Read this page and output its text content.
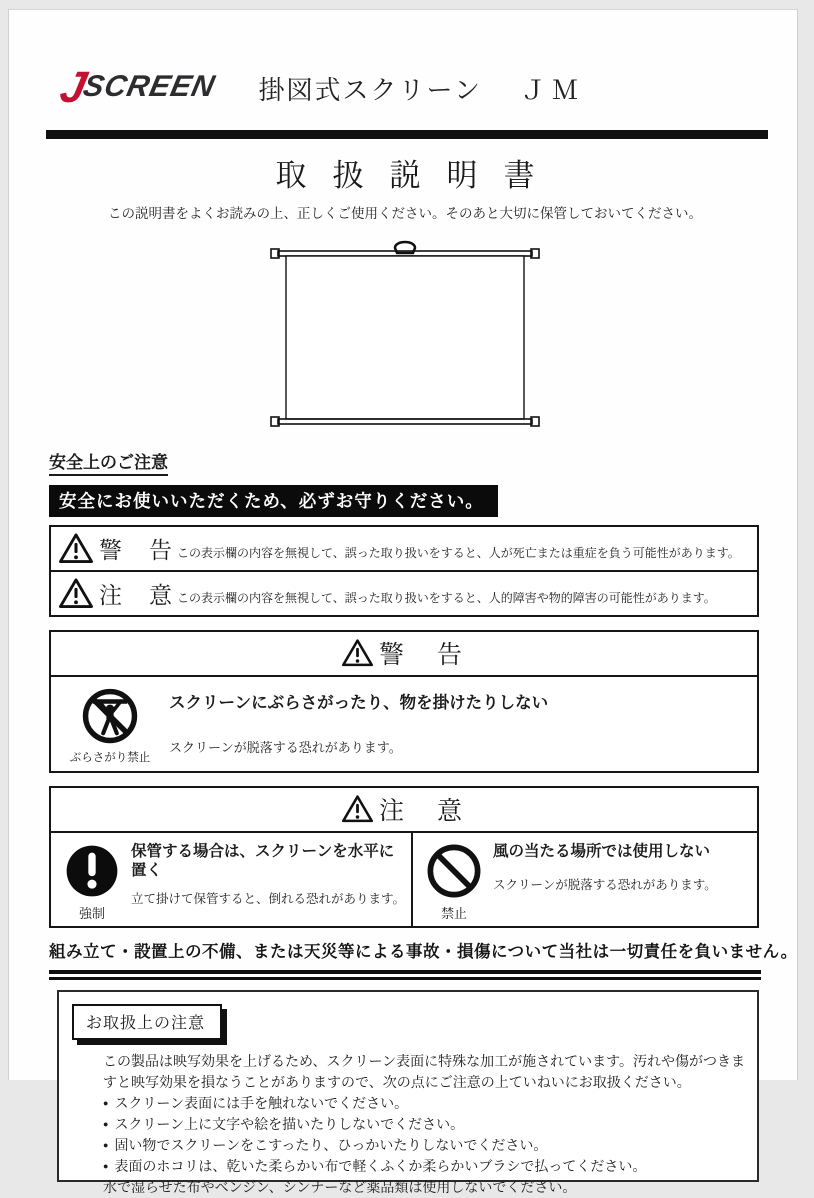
J
SCREEN 掛図式スクリーン ＪＭ
取扱説明書
この説明書をよくお読みの上、正しくご使用ください。そのあと大切に保管しておいてください。
安全上のご注意
安全にお使いいただくため、必ずお守りください。
警　告 この表示欄の内容を無視して、誤った取り扱いをすると、人が死亡または重症を負う可能性があります。
注　意 この表示欄の内容を無視して、誤った取り扱いをすると、人的障害や物的障害の可能性があります。
警　告
ぶらさがり禁止
スクリーンにぶらさがったり、物を掛けたりしない
スクリーンが脱落する恐れがあります。
注　意
強制
保管する場合は、スクリーンを水平に置く
立て掛けて保管すると、倒れる恐れがあります。
禁止
風の当たる場所では使用しない
スクリーンが脱落する恐れがあります。
組み立て・設置上の不備、または天災等による事故・損傷について当社は一切責任を負いません。
お取扱上の注意
この製品は映写効果を上げるため、スクリーン表面に特殊な加工が施されています。汚れや傷がつきますと映写効果を損なうことがありますので、次の点にご注意の上ていねいにお取扱ください。
● スクリーン表面には手を触れないでください。
● スクリーン上に文字や絵を描いたりしないでください。
● 固い物でスクリーンをこすったり、ひっかいたりしないでください。
● 表面のホコリは、乾いた柔らかい布で軽くふくか柔らかいブラシで払ってください。
水で湿らせた布やベンジン、シンナーなど薬品類は使用しないでください。
